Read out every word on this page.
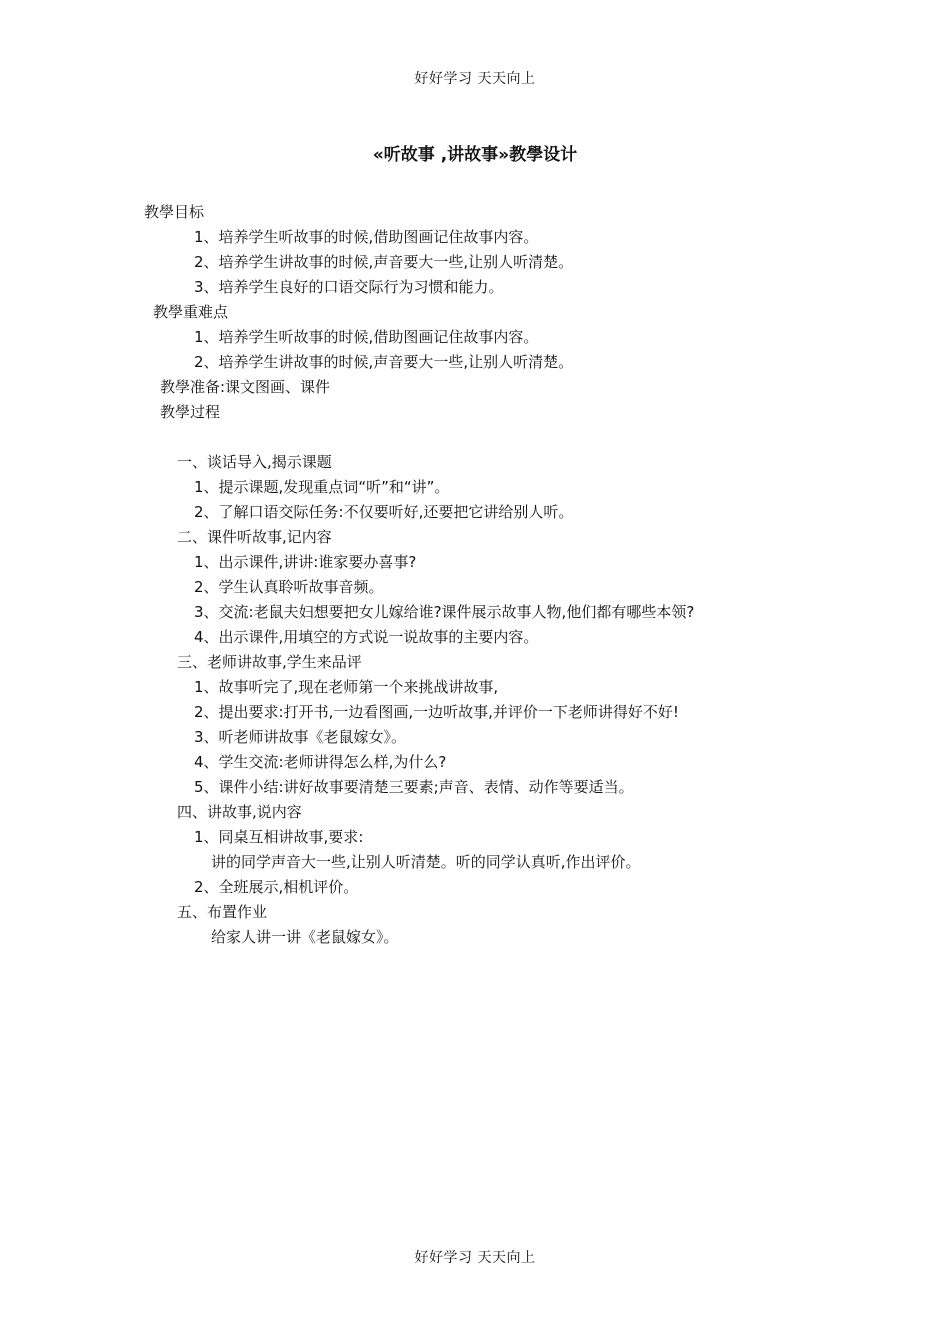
好好学习 天天向上
«听故事 ,讲故事»教學设计
教學目标
1、培养学生听故事的时候,借助图画记住故事内容。
2、培养学生讲故事的时候,声音要大一些,让别人听清楚。
3、培养学生良好的口语交际行为习惯和能力。
教學重难点
1、培养学生听故事的时候,借助图画记住故事内容。
2、培养学生讲故事的时候,声音要大一些,让别人听清楚。
教學准备:课文图画、课件
教學过程
一、谈话导入,揭示课题
1、提示课题,发现重点词“听”和“讲”。
2、了解口语交际任务:不仅要听好,还要把它讲给别人听。
二、课件听故事,记内容
1、出示课件,讲讲:谁家要办喜事?
2、学生认真聆听故事音频。
3、交流:老鼠夫妇想要把女儿嫁给谁?课件展示故事人物,他们都有哪些本领?
4、出示课件,用填空的方式说一说故事的主要内容。
三、老师讲故事,学生来品评
1、故事听完了,现在老师第一个来挑战讲故事,
2、提出要求:打开书,一边看图画,一边听故事,并评价一下老师讲得好不好!
3、听老师讲故事《老鼠嫁女》。
4、学生交流:老师讲得怎么样,为什么?
5、课件小结:讲好故事要清楚三要素;声音、表情、动作等要适当。
四、讲故事,说内容
1、同桌互相讲故事,要求:
讲的同学声音大一些,让别人听清楚。听的同学认真听,作出评价。
2、全班展示,相机评价。
五、布置作业
给家人讲一讲《老鼠嫁女》。
好好学习 天天向上
